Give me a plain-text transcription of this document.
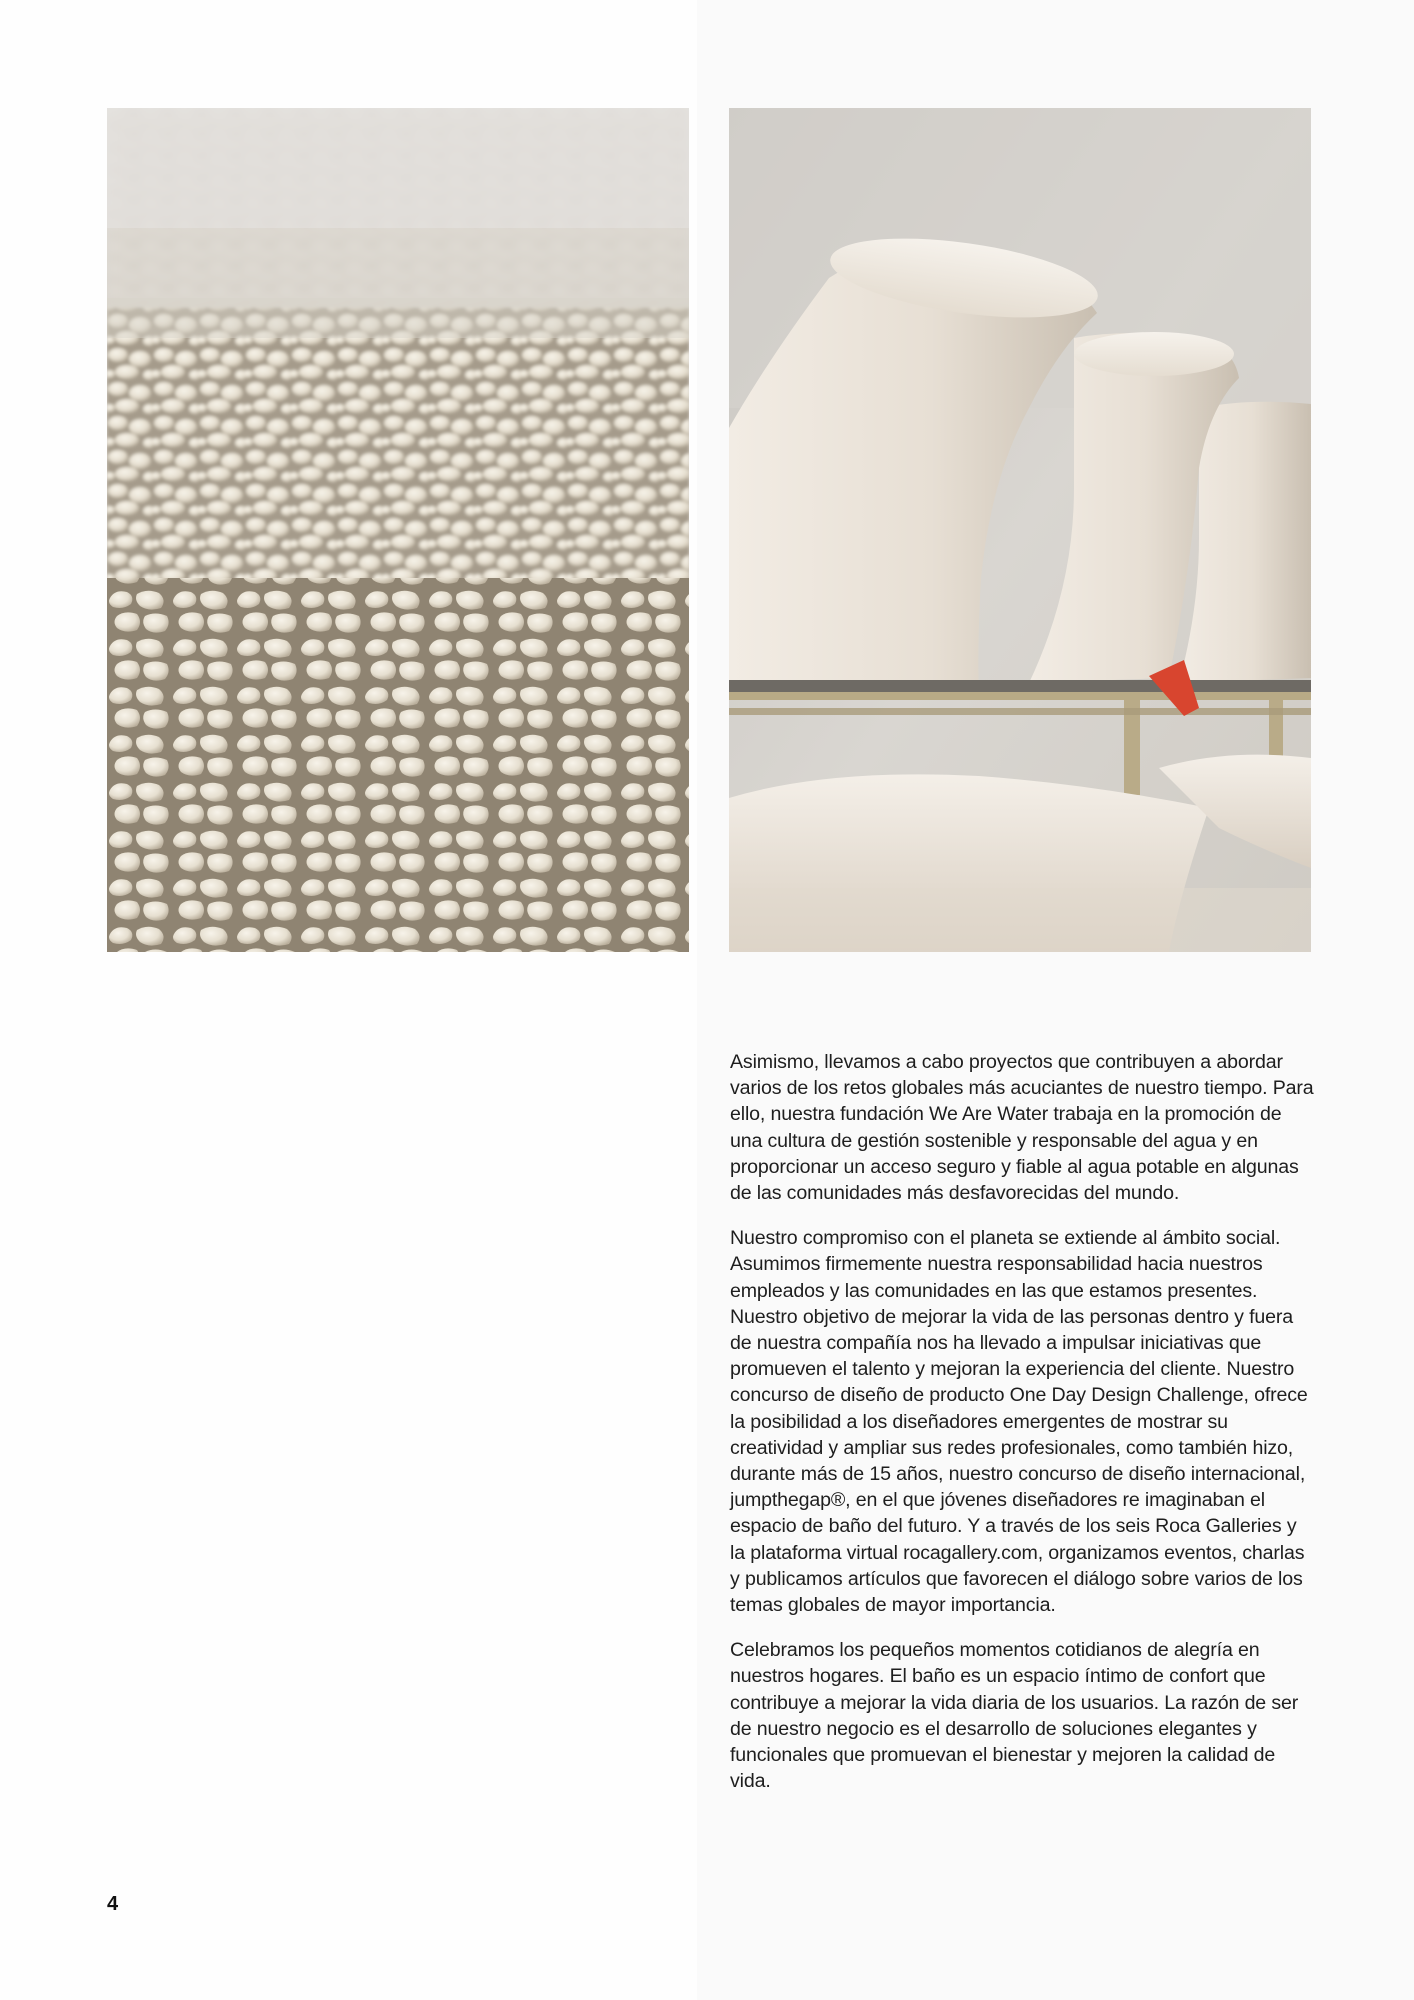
Asimismo, llevamos a cabo proyectos que contribuyen a abordar varios de los retos globales más acuciantes de nuestro tiempo. Para ello, nuestra fundación We Are Water trabaja en la promoción de una cultura de gestión sostenible y responsable del agua y en proporcionar un acceso seguro y fiable al agua potable en algunas de las comunidades más desfavorecidas del mundo.

Nuestro compromiso con el planeta se extiende al ámbito social. Asumimos firmemente nuestra responsabilidad hacia nuestros empleados y las comunidades en las que estamos presentes. Nuestro objetivo de mejorar la vida de las personas dentro y fuera de nuestra compañía nos ha llevado a impulsar iniciativas que promueven el talento y mejoran la experiencia del cliente. Nuestro concurso de diseño de producto One Day Design Challenge, ofrece la posibilidad a los diseñadores emergentes de mostrar su creatividad y ampliar sus redes profesionales, como también hizo, durante más de 15 años, nuestro concurso de diseño internacional, jumpthegap®, en el que jóvenes diseñadores re imaginaban el espacio de baño del futuro. Y a través de los seis Roca Galleries y la plataforma virtual rocagallery.com, organizamos eventos, charlas y publicamos artículos que favorecen el diálogo sobre varios de los temas globales de mayor importancia.

Celebramos los pequeños momentos cotidianos de alegría en nuestros hogares. El baño es un espacio íntimo de confort que contribuye a mejorar la vida diaria de los usuarios. La razón de ser de nuestro negocio es el desarrollo de soluciones elegantes y funcionales que promuevan el bienestar y mejoren la calidad de vida.

4
